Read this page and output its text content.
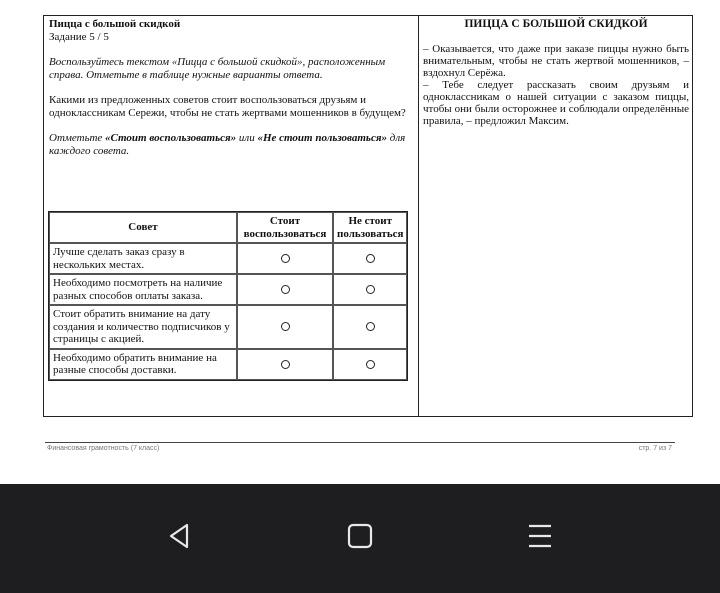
Пицца с большой скидкой

Задание 5 / 5

Воспользуйтесь текстом «Пицца с большой скидкой», расположенным справа. Отметьте в таблице нужные варианты ответа.

Какими из предложенных советов стоит воспользоваться друзьям и одноклассникам Сережи, чтобы не стать жертвами мошенников в будущем?

Отметьте «Стоит воспользоваться» или «Не стоит пользоваться» для каждого совета.

Совет	Стоит воспользоваться	Не стоит пользоваться
Лучше сделать заказ сразу в нескольких местах.		
Необходимо посмотреть на наличие разных способов оплаты заказа.		
Стоит обратить внимание на дату создания и количество подписчиков у страницы с акцией.		
Необходимо обратить внимание на разные способы доставки.		

ПИЦЦА С БОЛЬШОЙ СКИДКОЙ

– Оказывается, что даже при заказе пиццы нужно быть внимательным, чтобы не стать жертвой мошенников, – вздохнул Серёжа.

– Тебе следует рассказать своим друзьям и одноклассникам о нашей ситуации с заказом пиццы, чтобы они были осторожнее и соблюдали определённые правила, – предложил Максим.

Финансовая грамотность (7 класс)	стр. 7 из 7
